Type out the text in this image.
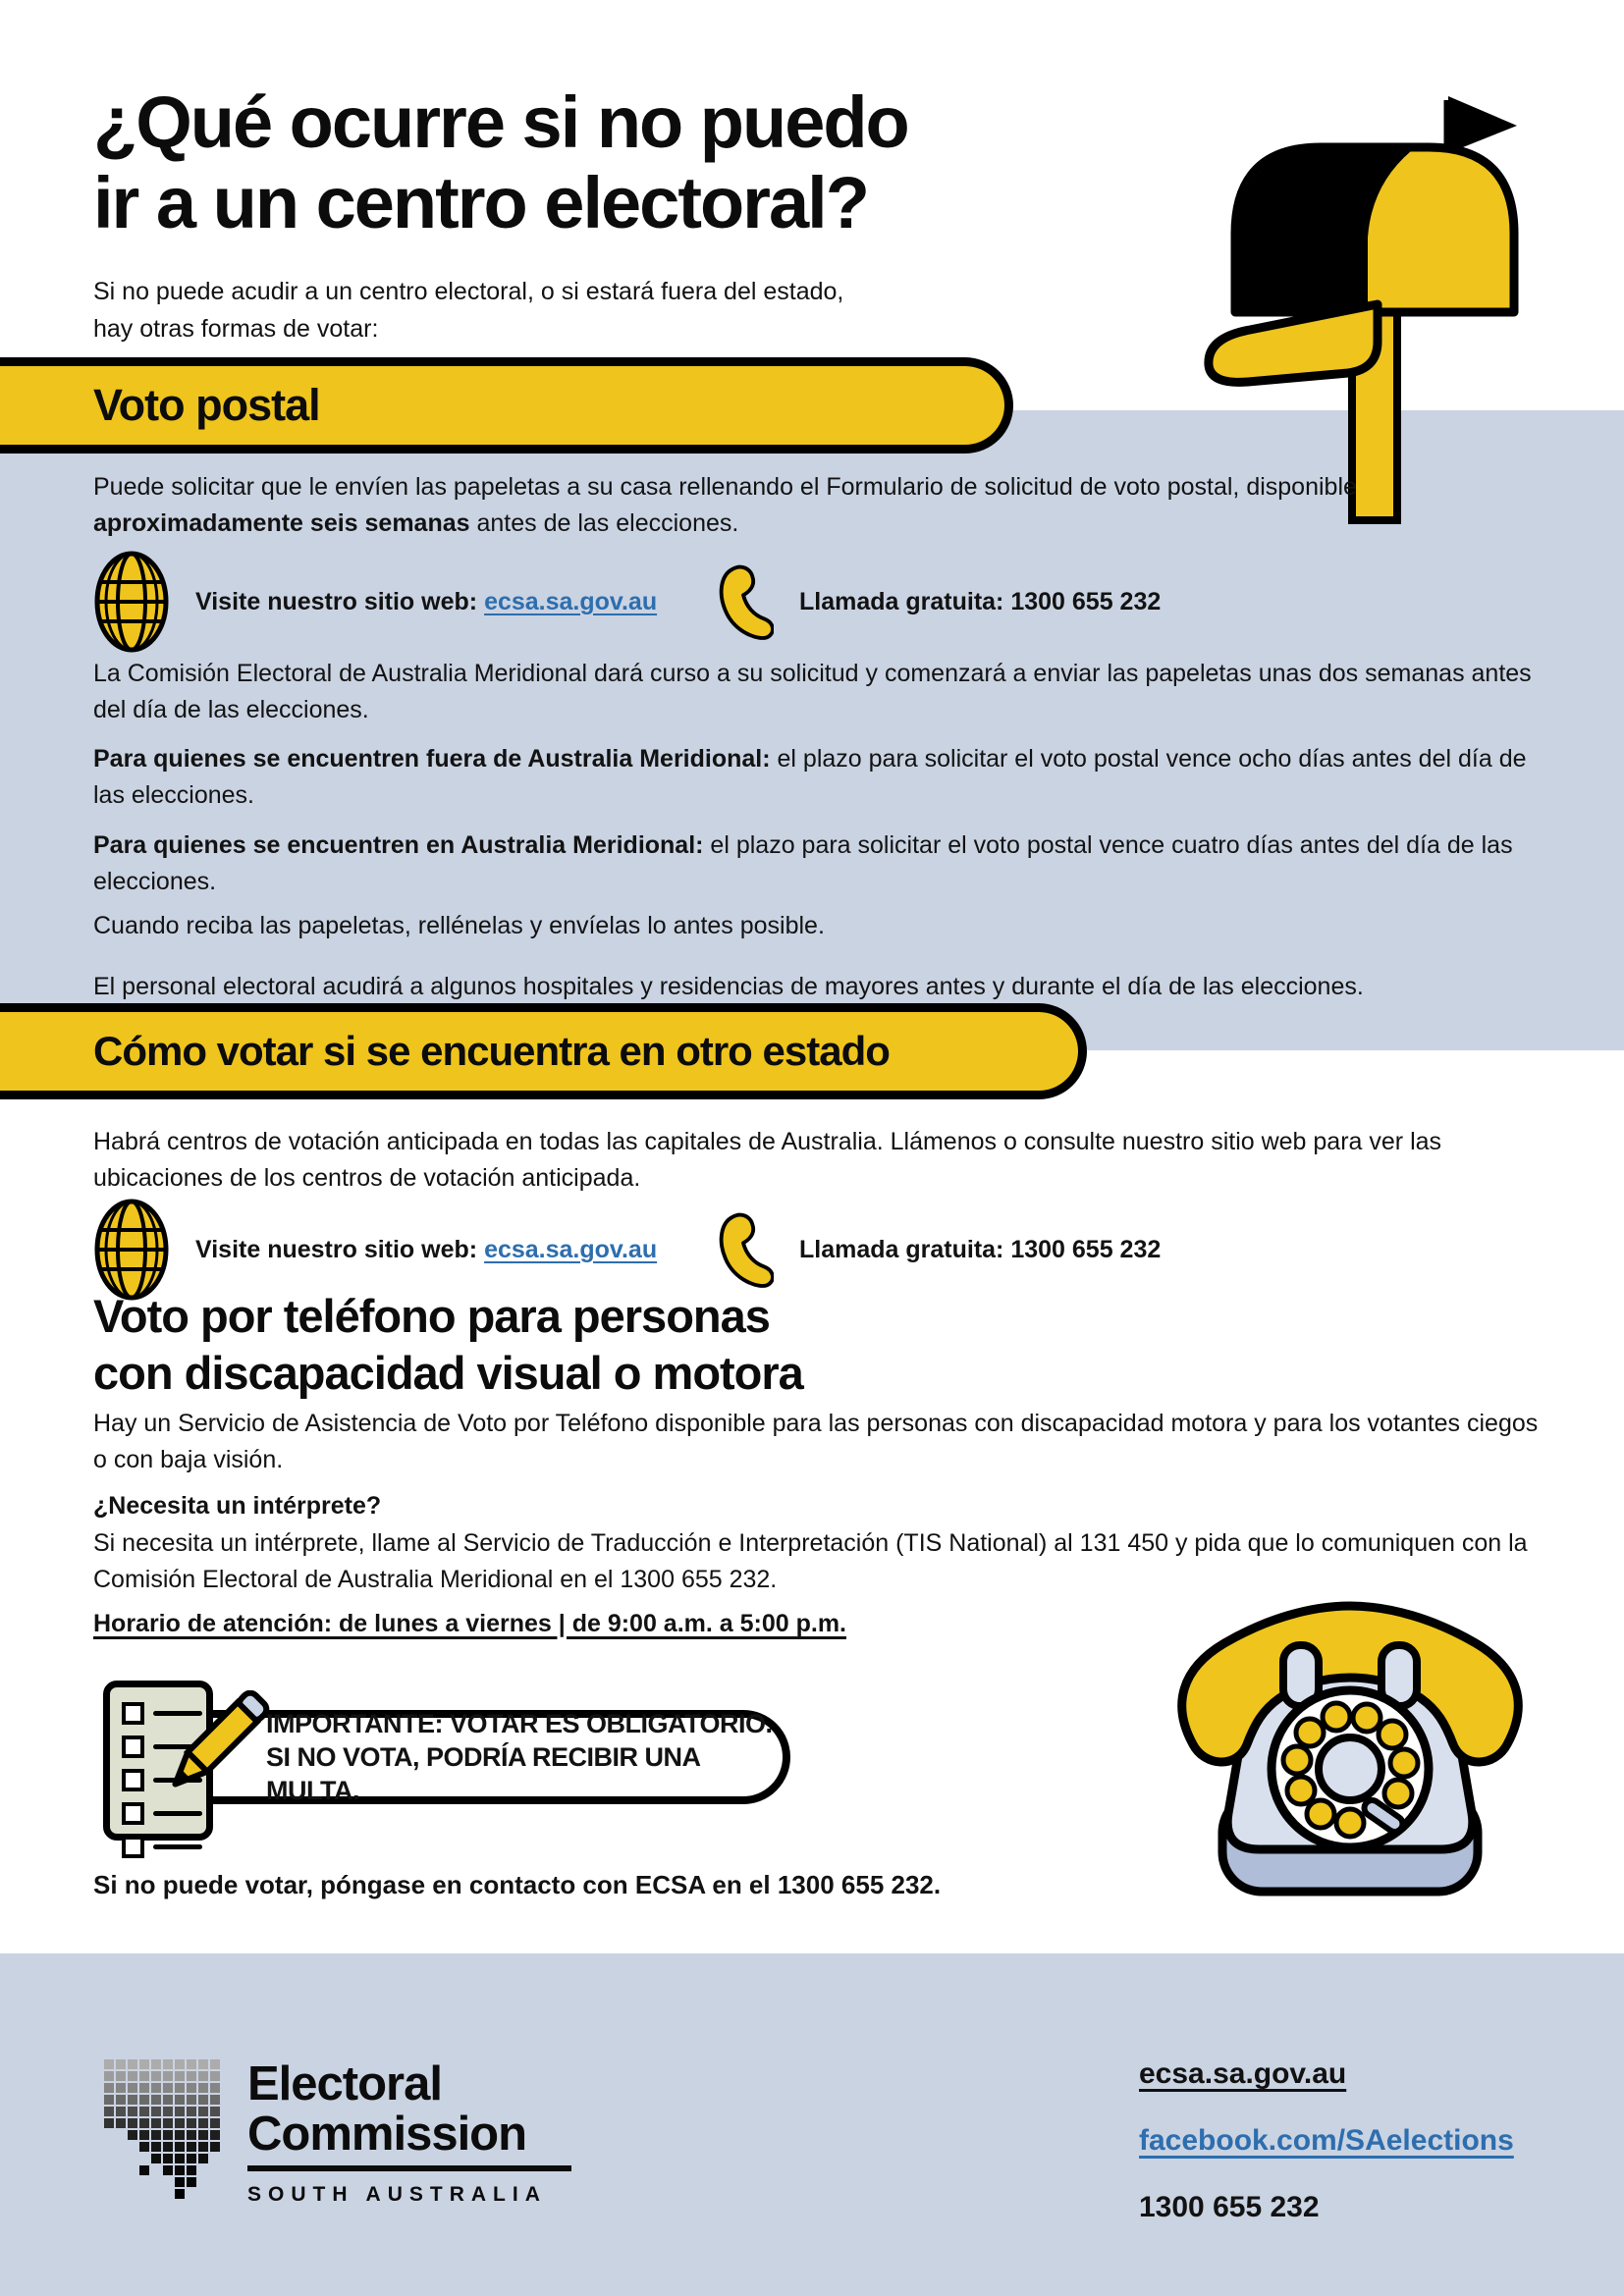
¿Qué ocurre si no puedo
ir a un centro electoral?
Si no puede acudir a un centro electoral, o si estará fuera del estado,
hay otras formas de votar:
Voto postal

Puede solicitar que le envíen las papeletas a su casa rellenando el Formulario de solicitud de voto postal, disponible aproximadamente seis semanas antes de las elecciones.

Visite nuestro sitio web: ecsa.sa.gov.au	Llamada gratuita: 1300 655 232

La Comisión Electoral de Australia Meridional dará curso a su solicitud y comenzará a enviar las papeletas unas dos semanas antes del día de las elecciones.

Para quienes se encuentren fuera de Australia Meridional: el plazo para solicitar el voto postal vence ocho días antes del día de las elecciones.

Para quienes se encuentren en Australia Meridional: el plazo para solicitar el voto postal vence cuatro días antes del día de las elecciones.

Cuando reciba las papeletas, rellénelas y envíelas lo antes posible.

El personal electoral acudirá a algunos hospitales y residencias de mayores antes y durante el día de las elecciones.

Cómo votar si se encuentra en otro estado

Habrá centros de votación anticipada en todas las capitales de Australia. Llámenos o consulte nuestro sitio web para ver las ubicaciones de los centros de votación anticipada.

Visite nuestro sitio web: ecsa.sa.gov.au	Llamada gratuita: 1300 655 232
Voto por teléfono para personas
con discapacidad visual o motora

Hay un Servicio de Asistencia de Voto por Teléfono disponible para las personas con discapacidad motora y para los votantes ciegos o con baja visión.

¿Necesita un intérprete?

Si necesita un intérprete, llame al Servicio de Traducción e Interpretación (TIS National) al 131 450 y pida que lo comuniquen con la Comisión Electoral de Australia Meridional en el 1300 655 232.

Horario de atención: de lunes a viernes | de 9:00 a.m. a 5:00 p.m.
IMPORTANTE: VOTAR ES OBLIGATORIO.
SI NO VOTA, PODRÍA RECIBIR UNA MULTA.
Si no puede votar, póngase en contacto con ECSA en el 1300 655 232.
Electoral
Commission
SOUTH AUSTRALIA
ecsa.sa.gov.au
facebook.com/SAelections
1300 655 232
